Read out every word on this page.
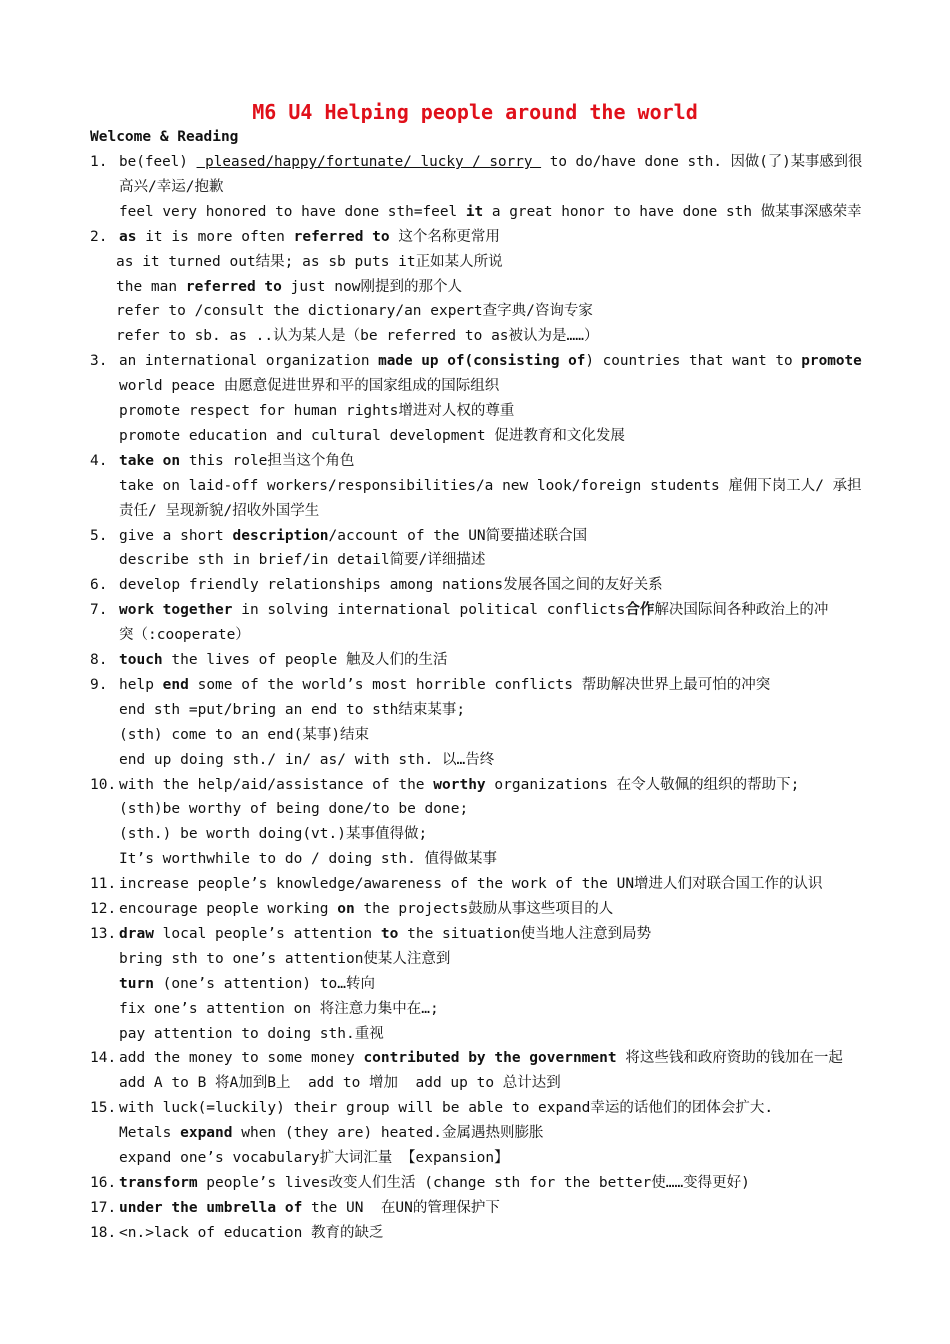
M6 U4 Helping people around the world
Welcome & Reading
1. be(feel)  pleased/happy/fortunate/ lucky / sorry  to do/have done sth. 因做(了)某事感到很
高兴/幸运/抱歉
feel very honored to have done sth=feel it a great honor to have done sth 做某事深感荣幸
2. as it is more often referred to 这个名称更常用
as it turned out结果; as sb puts it正如某人所说
the man referred to just now刚提到的那个人
refer to /consult the dictionary/an expert查字典/咨询专家
refer to sb. as ..认为某人是（be referred to as被认为是……）
3. an international organization made up of(consisting of) countries that want to promote
world peace 由愿意促进世界和平的国家组成的国际组织
promote respect for human rights增进对人权的尊重
promote education and cultural development 促进教育和文化发展
4. take on this role担当这个角色
take on laid-off workers/responsibilities/a new look/foreign students 雇佣下岗工人/ 承担
责任/ 呈现新貌/招收外国学生
5. give a short description/account of the UN简要描述联合国
describe sth in brief/in detail简要/详细描述
6. develop friendly relationships among nations发展各国之间的友好关系
7. work together in solving international political conflicts合作解决国际间各种政治上的冲
突（:cooperate）
8. touch the lives of people 触及人们的生活
9. help end some of the world’s most horrible conflicts 帮助解决世界上最可怕的冲突
end sth =put/bring an end to sth结束某事;
(sth) come to an end(某事)结束
end up doing sth./ in/ as/ with sth. 以…告终
10. with the help/aid/assistance of the worthy organizations 在令人敬佩的组织的帮助下;
(sth)be worthy of being done/to be done;
(sth.) be worth doing(vt.)某事值得做;
It’s worthwhile to do / doing sth. 值得做某事
11. increase people’s knowledge/awareness of the work of the UN增进人们对联合国工作的认识
12. encourage people working on the projects鼓励从事这些项目的人
13. draw local people’s attention to the situation使当地人注意到局势
bring sth to one’s attention使某人注意到
turn (one’s attention) to…转向
fix one’s attention on 将注意力集中在…;
pay attention to doing sth.重视
14. add the money to some money contributed by the government 将这些钱和政府资助的钱加在一起
add A to B 将A加到B上  add to 增加  add up to 总计达到
15. with luck(=luckily) their group will be able to expand幸运的话他们的团体会扩大.
Metals expand when (they are) heated.金属遇热则膨胀
expand one’s vocabulary扩大词汇量 【expansion】
16. transform people’s lives改变人们生活 (change sth for the better使……变得更好)
17. under the umbrella of the UN  在UN的管理保护下
18. <n.>lack of education 教育的缺乏
